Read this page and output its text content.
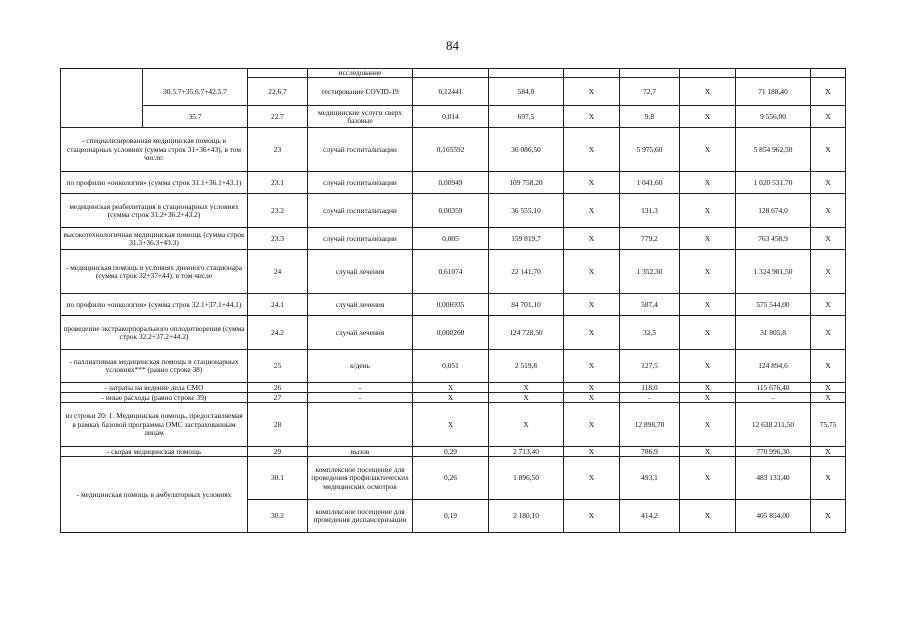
84
	30.5.7+35.6.7+42.5.7		исследование							
		22.6.7	тестирование COVID-19	0,12441	584,0	X	72,7	X	71 188,40	X
	35.7	22.7	медицинские услуги сверх базовые	0,014	697,5	X	9,8	X	9 556,00	X
- специализированная медицинская помощь в стационарных условиях (сумма строк 31+36+43), в том числе:		23	случай госпитализации	0,165592	36 086,50	X	5 975,60	X	5 854 962,50	X
по профилю «онкология» (сумма строк 31.1+36.1+43.1)		23.1	случай госпитализации	0,00949	109 758,20	X	1 041,60	X	1 020 531,70	X
медицинская реабилитация в стационарных условиях (сумма строк 31.2+36.2+43.2)		23.2	случай госпитализации	0,00359	36 555,10	X	131,3	X	128 674,0	X
высокотехнологичная медицинская помощь (сумма строк 31.3+36.3+43.3)		23.3	случай госпитализации	0,005	159 819,7	X	779,2	X	763 458,9	X
- медицинская помощь в условиях дневного стационара (сумма строк 32+37+44), в том числе		24	случай лечения	0,61074	22 141,70	X	1 352,30	X	1 324 981,50	X
по профилю «онкология» (сумма строк 32.1+37.1+44.1)		24.1	случай лечения	0,006935	84 701,10	X	587,4	X	575 544,00	X
проведение экстракорпорального оплодотворения (сумма строк 32.2+37.2+44.2)		24.2	случай лечения	0,000260	124 728,50	X	32,5	X	31 805,8	X
- паллиативная медицинская помощь в стационарных условиях*** (равно строке 38)		25	к/день	0,051	2 519,8	X	127,5	X	124 894,6	X
- затраты на ведение дела СМО		26	-	X	X	X	118,0	X	115 676,40	X
- иные расходы (равно строке 39)		27	-	X	X	X	-	X	-	X
из строки 20: 1. Медицинская помощь, предоставляемая в рамках базовой программы ОМС застрахованным лицам		28		X	X	X	12 898,70	X	12 638 211,50	75,75
- скорая медицинская помощь		29	вызов	0,29	2 713,40	X	786,9	X	770 996,30	X
- медицинская помощь в амбулаторных условиях		30.1	комплексное посещение для проведения профилактических медицинских осмотров	0,26	1 896,50	X	493,1	X	483 133,40	X
		30.2	комплексное посещение для проведения диспансеризации	0,19	2 180,10	X	414,2	X	405 854,00	X
